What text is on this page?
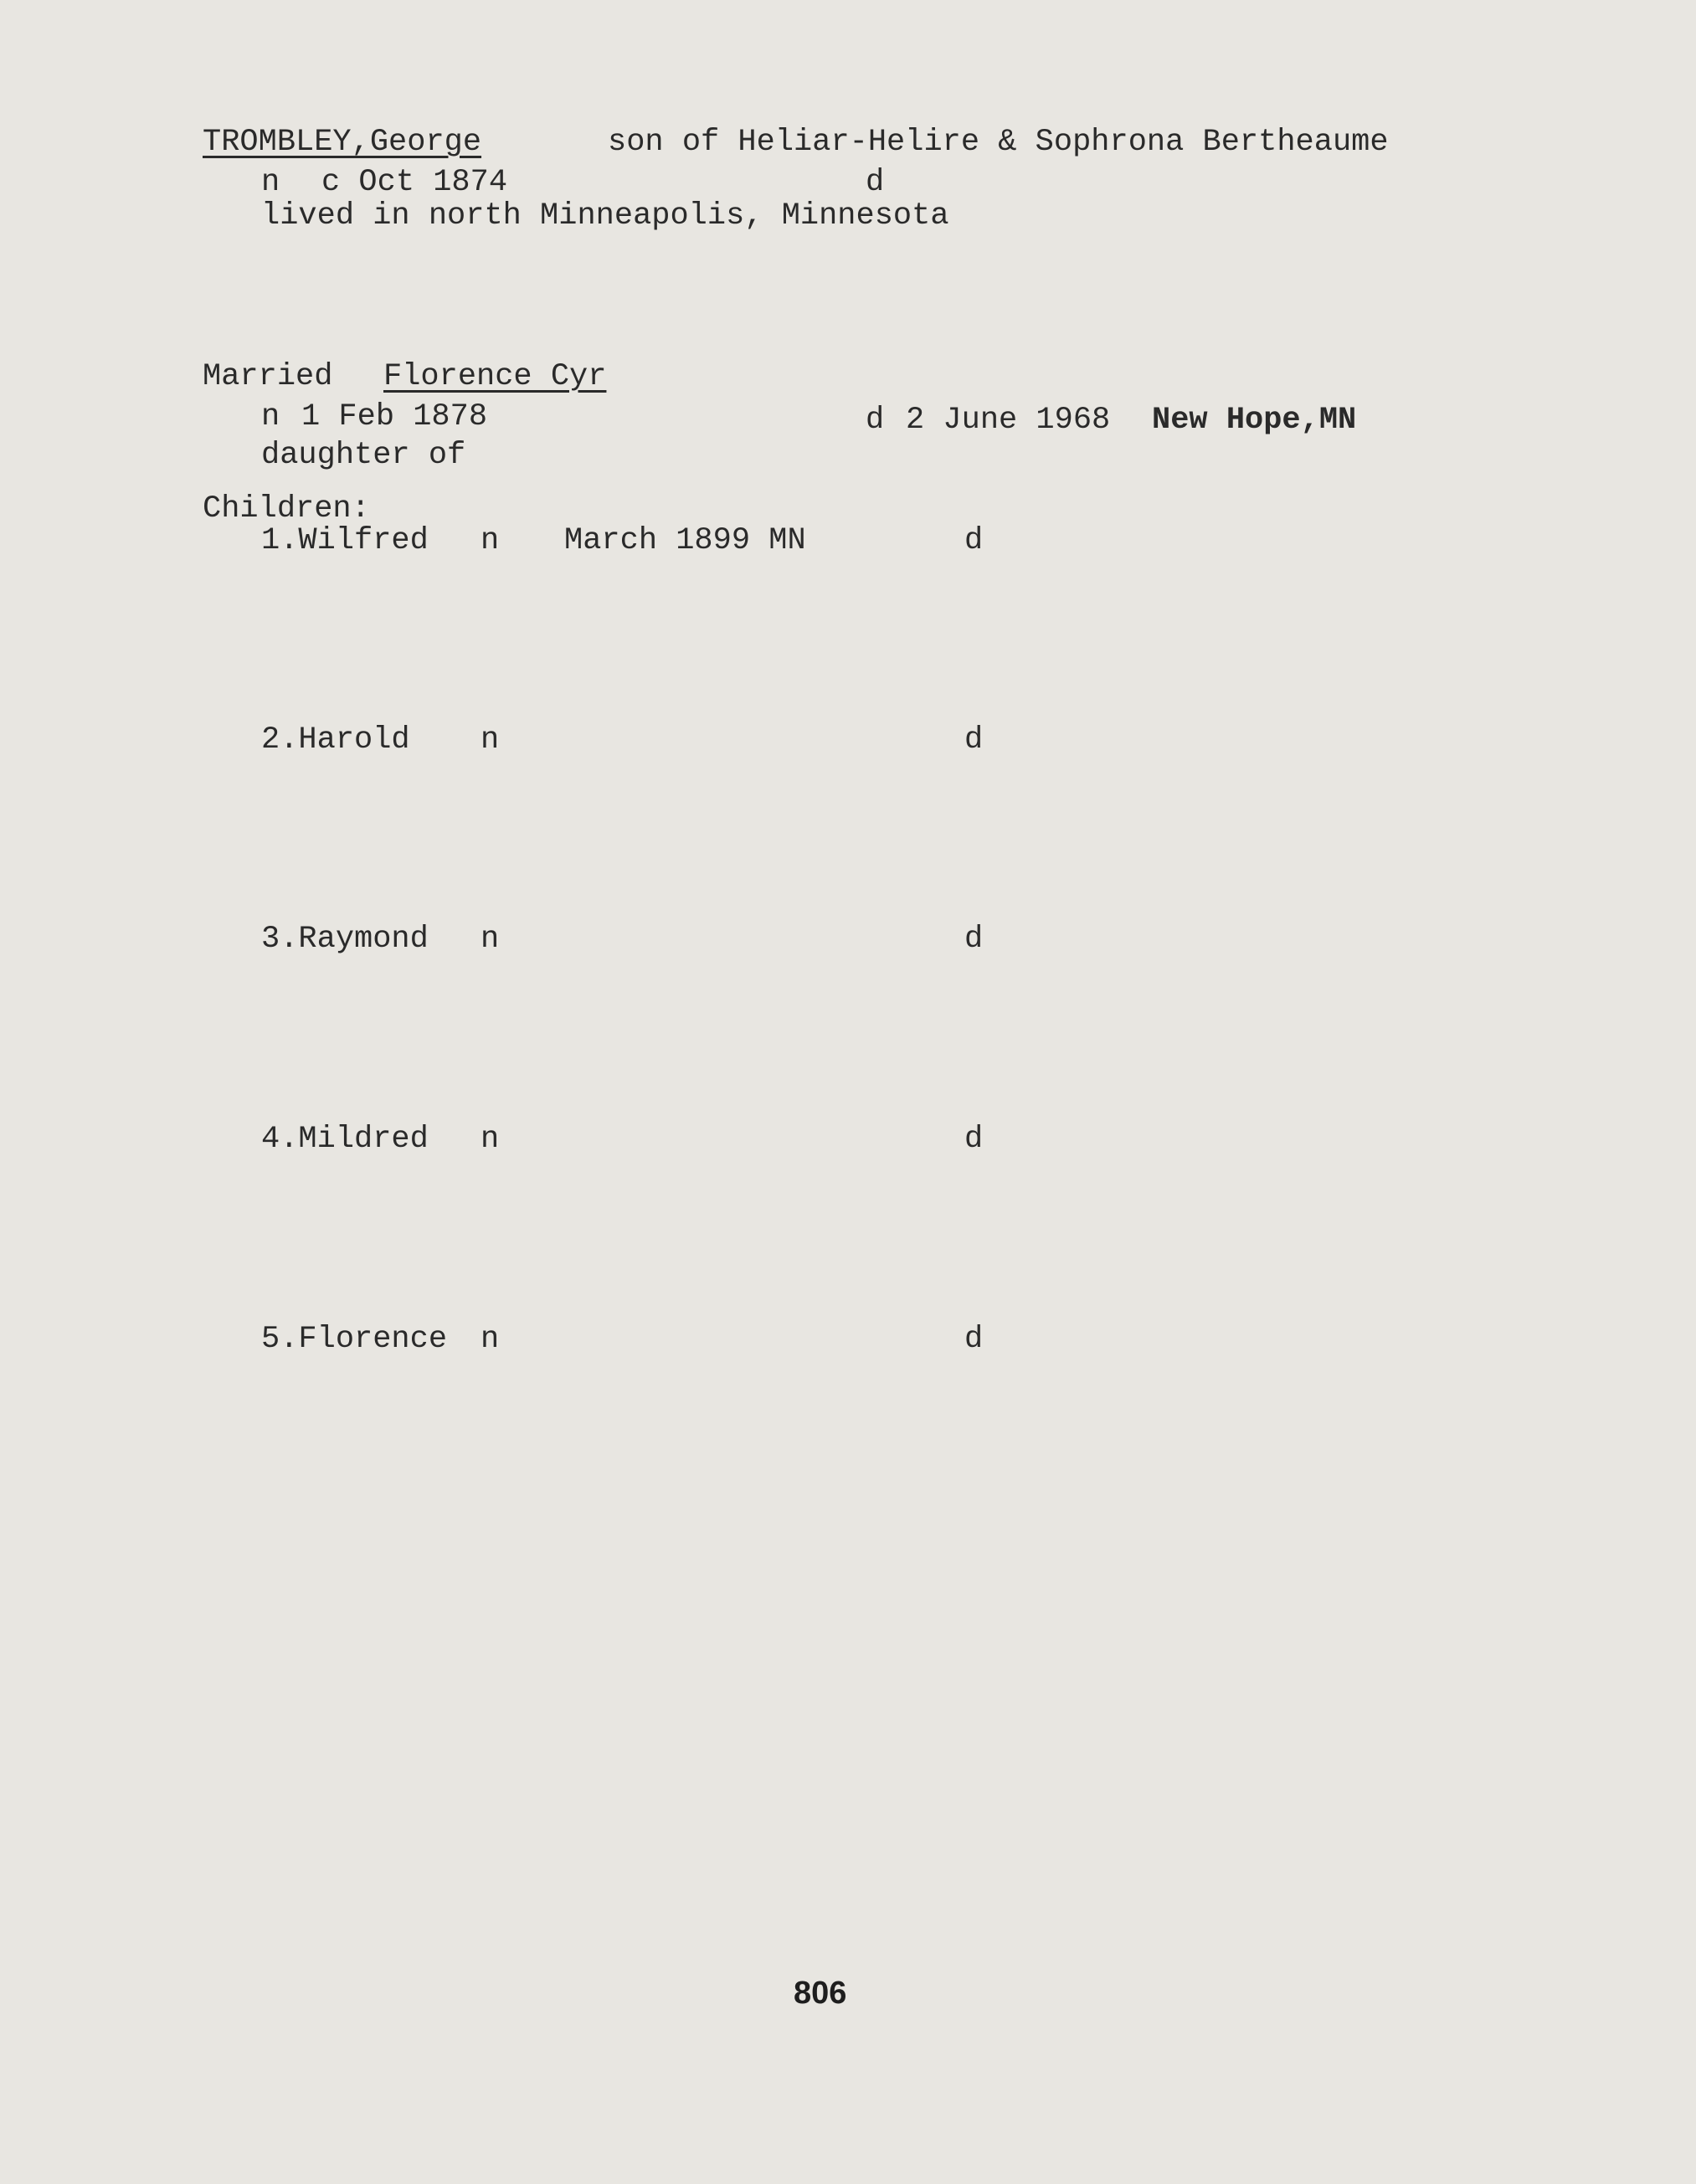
TROMBLEY,George	son of Heliar-Helire & Sophrona Bertheaume
n c Oct 1874	d
lived in north Minneapolis, Minnesota
Married Florence Cyr
n 1 Feb 1878	d 2 June 1968 New Hope,MN
daughter of
Children:
1.Wilfred n March 1899 MN	d
2.Harold n	d
3.Raymond n	d
4.Mildred n	d
5.Florence n	d
806
